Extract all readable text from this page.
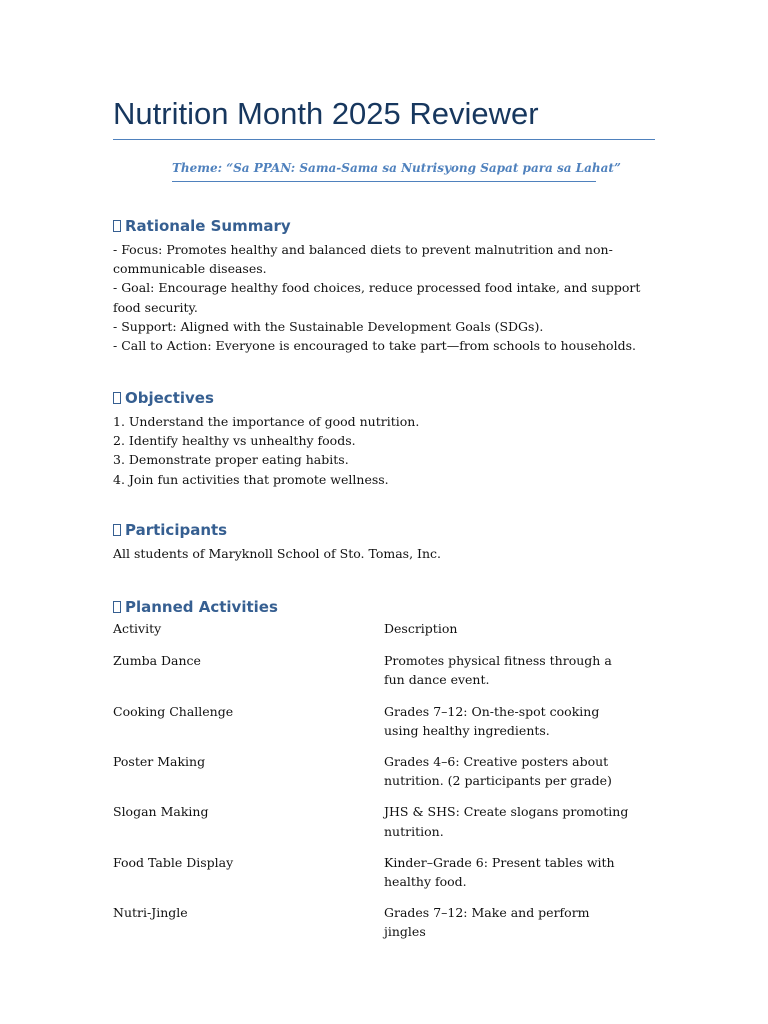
Nutrition Month 2025 Reviewer

Theme: “Sa PPAN: Sama-Sama sa Nutrisyong Sapat para sa Lahat”

Rationale Summary
- Focus: Promotes healthy and balanced diets to prevent malnutrition and non-communicable diseases.
- Goal: Encourage healthy food choices, reduce processed food intake, and support food security.
- Support: Aligned with the Sustainable Development Goals (SDGs).
- Call to Action: Everyone is encouraged to take part—from schools to households.
Objectives
1. Understand the importance of good nutrition.
2. Identify healthy vs unhealthy foods.
3. Demonstrate proper eating habits.
4. Join fun activities that promote wellness.
Participants

All students of Maryknoll School of Sto. Tomas, Inc.

Planned Activities
Activity	Description
Zumba Dance	Promotes physical fitness through a fun dance event.
Cooking Challenge	Grades 7–12: On-the-spot cooking using healthy ingredients.
Poster Making	Grades 4–6: Creative posters about nutrition. (2 participants per grade)
Slogan Making	JHS & SHS: Create slogans promoting nutrition.
Food Table Display	Kinder–Grade 6: Present tables with healthy food.
Nutri-Jingle	Grades 7–12: Make and perform jingles
